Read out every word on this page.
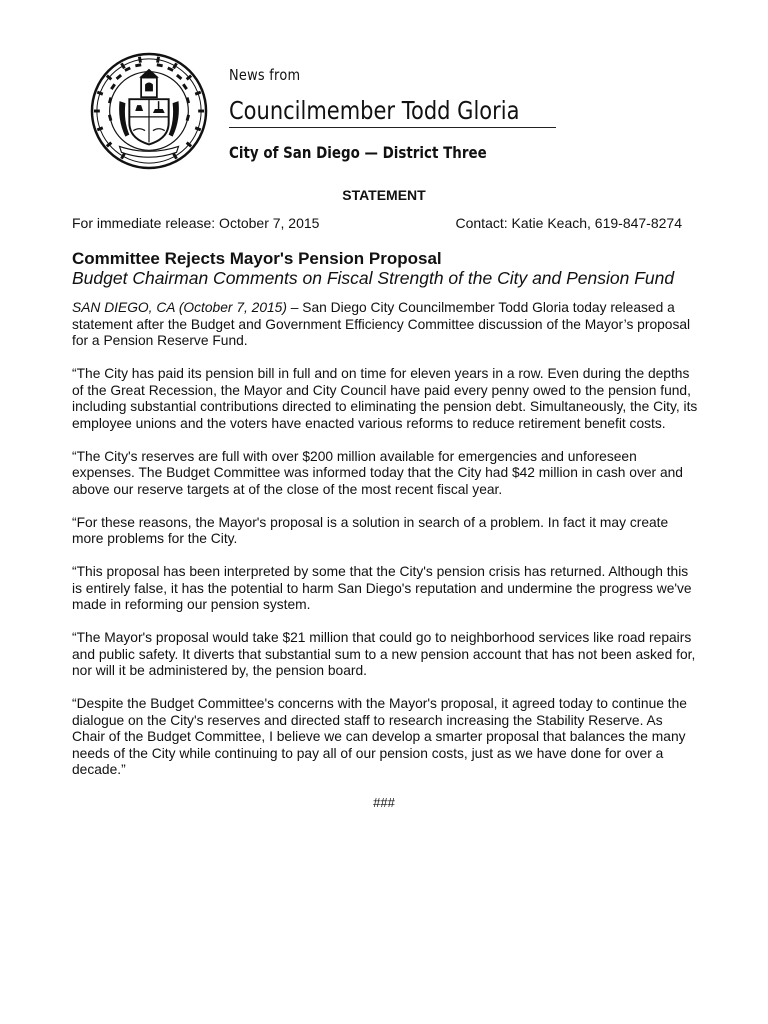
News from
Councilmember Todd Gloria
City of San Diego — District Three
STATEMENT
For immediate release: October 7, 2015	Contact: Katie Keach, 619-847-8274
Committee Rejects Mayor's Pension Proposal
Budget Chairman Comments on Fiscal Strength of the City and Pension Fund

SAN DIEGO, CA (October 7, 2015) – San Diego City Councilmember Todd Gloria today released a statement after the Budget and Government Efficiency Committee discussion of the Mayor’s proposal for a Pension Reserve Fund.

“The City has paid its pension bill in full and on time for eleven years in a row. Even during the depths of the Great Recession, the Mayor and City Council have paid every penny owed to the pension fund, including substantial contributions directed to eliminating the pension debt. Simultaneously, the City, its employee unions and the voters have enacted various reforms to reduce retirement benefit costs.

“The City's reserves are full with over $200 million available for emergencies and unforeseen expenses. The Budget Committee was informed today that the City had $42 million in cash over and above our reserve targets at of the close of the most recent fiscal year.

“For these reasons, the Mayor's proposal is a solution in search of a problem. In fact it may create more problems for the City.

“This proposal has been interpreted by some that the City's pension crisis has returned. Although this is entirely false, it has the potential to harm San Diego's reputation and undermine the progress we've made in reforming our pension system.

“The Mayor's proposal would take $21 million that could go to neighborhood services like road repairs and public safety. It diverts that substantial sum to a new pension account that has not been asked for, nor will it be administered by, the pension board.

“Despite the Budget Committee's concerns with the Mayor's proposal, it agreed today to continue the dialogue on the City's reserves and directed staff to research increasing the Stability Reserve. As Chair of the Budget Committee, I believe we can develop a smarter proposal that balances the many needs of the City while continuing to pay all of our pension costs, just as we have done for over a decade.”

###
